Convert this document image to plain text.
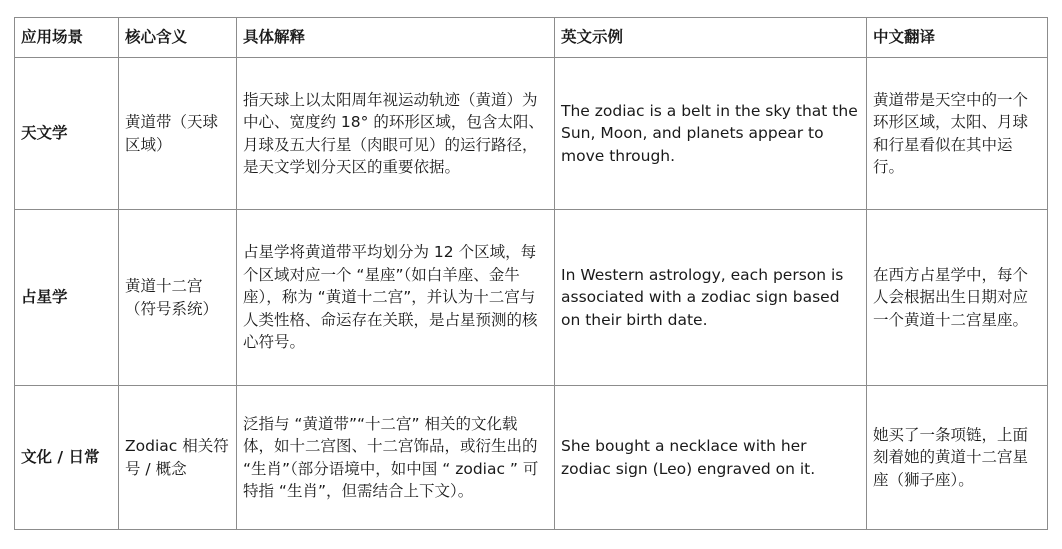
应用场景	核心含义	具体解释	英文示例	中文翻译
天文学	黄道带（天球区域）	指天球上以太阳周年视运动轨迹（黄道）为中心、宽度约 18° 的环形区域，包含太阳、月球及五大行星（肉眼可见）的运行路径，是天文学划分天区的重要依据。	The zodiac is a belt in the sky that the Sun, Moon, and planets appear to move through.	黄道带是天空中的一个环形区域，太阳、月球和行星看似在其中运行。
占星学	黄道十二宫（符号系统）	占星学将黄道带平均划分为 12 个区域，每个区域对应一个 “星座”（如白羊座、金牛座），称为 “黄道十二宫”，并认为十二宫与人类性格、命运存在关联，是占星预测的核心符号。	In Western astrology, each person is associated with a zodiac sign based on their birth date.	在西方占星学中，每个人会根据出生日期对应一个黄道十二宫星座。
文化 / 日常	Zodiac 相关符号 / 概念	泛指与 “黄道带”“十二宫” 相关的文化载体，如十二宫图、十二宫饰品，或衍生出的 “生肖”（部分语境中，如中国 “ zodiac ” 可特指 “生肖”，但需结合上下文）。	She bought a necklace with her zodiac sign (Leo) engraved on it.	她买了一条项链，上面刻着她的黄道十二宫星座（狮子座）。
